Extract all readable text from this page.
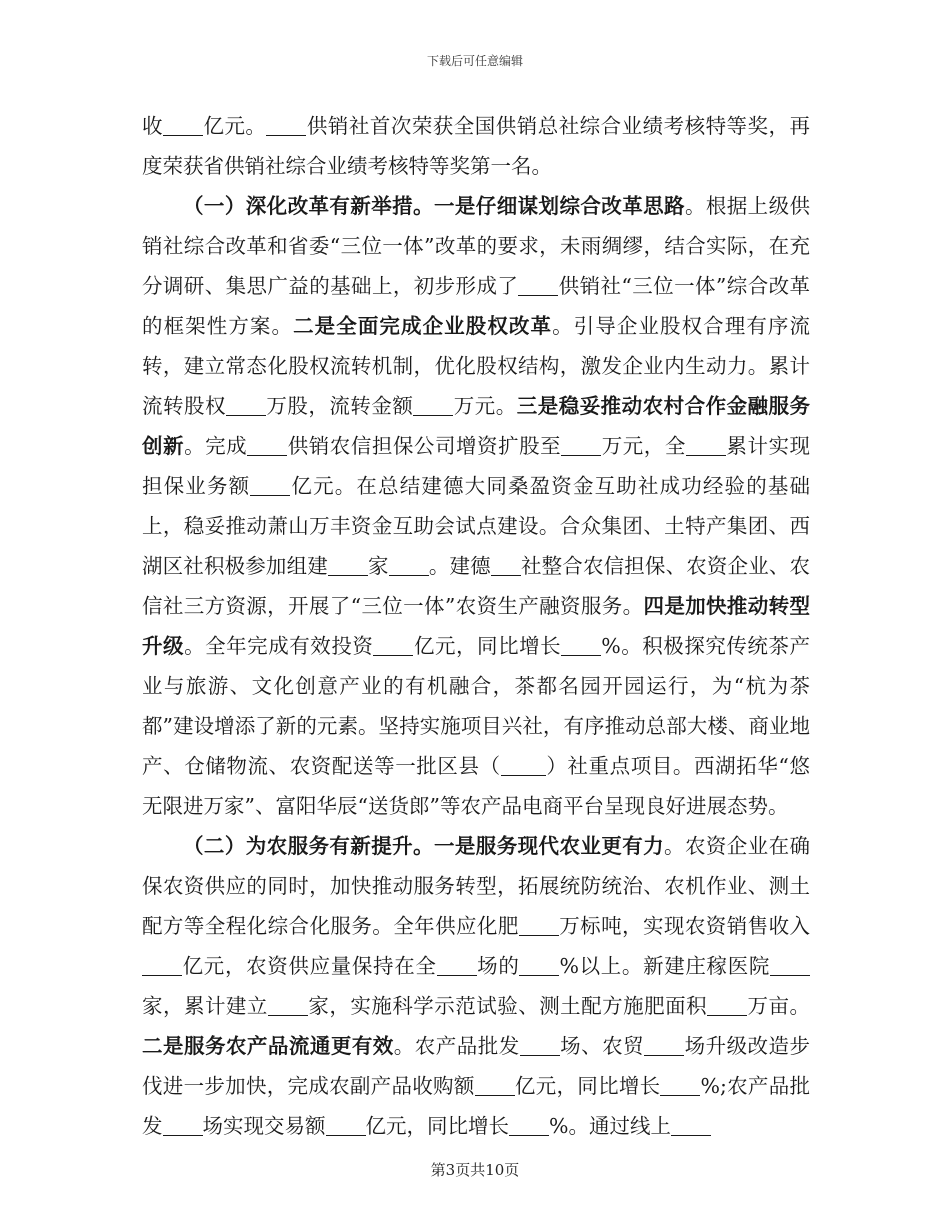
下载后可任意编辑

收 亿元。 供销社首次荣获全国供销总社综合业绩考核特等奖，再度荣获省供销社综合业绩考核特等奖第一名。

（一）深化改革有新举措。一是仔细谋划综合改革思路。根据上级供销社综合改革和省委“三位一体”改革的要求，未雨绸缪，结合实际，在充分调研、集思广益的基础上，初步形成了 供销社“三位一体”综合改革的框架性方案。二是全面完成企业股权改革。引导企业股权合理有序流转，建立常态化股权流转机制，优化股权结构，激发企业内生动力。累计流转股权 万股，流转金额 万元。三是稳妥推动农村合作金融服务创新。完成 供销农信担保公司增资扩股至 万元，全 累计实现担保业务额 亿元。在总结建德大同桑盈资金互助社成功经验的基础上，稳妥推动萧山万丰资金互助会试点建设。合众集团、土特产集团、西湖区社积极参加组建 家 。建德 社整合农信担保、农资企业、农信社三方资源，开展了“三位一体”农资生产融资服务。四是加快推动转型升级。全年完成有效投资 亿元，同比增长 %。积极探究传统茶产业与旅游、文化创意产业的有机融合，茶都名园开园运行，为“杭为茶都”建设增添了新的元素。坚持实施项目兴社，有序推动总部大楼、商业地产、仓储物流、农资配送等一批区县（ ）社重点项目。西湖拓华“悠无限进万家”、富阳华辰“送货郎”等农产品电商平台呈现良好进展态势。

（二）为农服务有新提升。一是服务现代农业更有力。农资企业在确保农资供应的同时，加快推动服务转型，拓展统防统治、农机作业、测土配方等全程化综合化服务。全年供应化肥 万标吨，实现农资销售收入亿元，农资供应量保持在全 场的 %以上。新建庄稼医院家，累计建立 家，实施科学示范试验、测土配方施肥面积 万亩。二是服务农产品流通更有效。农产品批发 场、农贸 场升级改造步伐进一步加快，完成农副产品收购额 亿元，同比增长 %;农产品批发 场实现交易额 亿元，同比增长 %。通过线上

第3页共10页
